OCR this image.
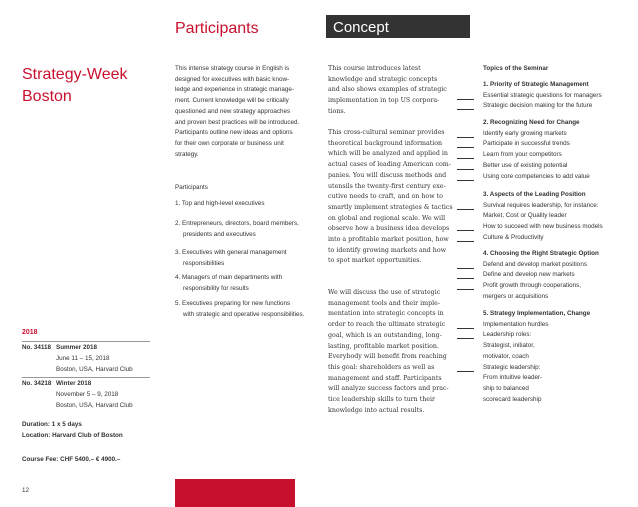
Participants	Concept
Strategy-Week
Boston
This intense strategy course in English is
designed for executives with basic know-
ledge and experience in strategic manage-
ment. Current knowledge will be critically
questioned and new strategy approaches
and proven best practices will be introduced.
Participants outline new ideas and options
for their own corporate or business unit
strategy.
Participants
1. Top and high-level executives
2. Entrepreneurs, directors, board members,
presidents and executives
3. Executives with general management
responsibilities
4. Managers of main departments with
responsibility for results
5. Executives preparing for new functions
with strategic and operative responsibilities.
This course introduces latest
knowledge and strategic concepts
and also shows examples of strategic
implementation in top US corpora-
tions.
This cross-cultural seminar provides
theoretical background information
which will be analyzed and applied in
actual cases of leading American com-
panies. You will discuss methods and
utensils the twenty-first century exe-
cutive needs to craft, and on how to
smartly implement strategies & tactics
on global and regional scale. We will
observe how a business idea develops
into a profitable market position, how
to identify growing markets and how
to spot market opportunities.
We will discuss the use of strategic
management tools and their imple-
mentation into strategic concepts in
order to reach the ultimate strategic
goal, which is an outstanding, long-
lasting, profitable market position.
Everybody will benefit from reaching
this goal: shareholders as well as
management and staff. Participants
will analyze success factors and prac-
tice leadership skills to turn their
knowledge into actual results.
Topics of the Seminar
1. Priority of Strategic Management
Essential strategic questions for managers
Strategic decision making for the future
2. Recognizing Need for Change
Identify early growing markets
Participate in successful trends
Learn from your competitors
Better use of existing potential
Using core competencies to add value
3. Aspects of the Leading Position
Survival requires leadership, for instance:
Market, Cost or Quality leader
How to succeed with new business models
Culture & Productivity
4. Choosing the Right Strategic Option
Defend and develop market positions
Define and develop new markets
Profit growth through cooperations,
mergers or acquisitions
5. Strategy Implementation, Change
Implementation hurdles
Leadership roles:
Strategist, initiator,
motivator, coach
Strategic leadership:
From intuitive leader-
ship to balanced
scorecard leadership
2018
No. 34118 Summer 2018
June 11 – 15, 2018
Boston, USA, Harvard Club
No. 34218 Winter 2018
November 5 – 9, 2018
Boston, USA, Harvard Club
Duration: 1 x 5 days
Location: Harvard Club of Boston
Course Fee: CHF 5400.– € 4900.–
12
